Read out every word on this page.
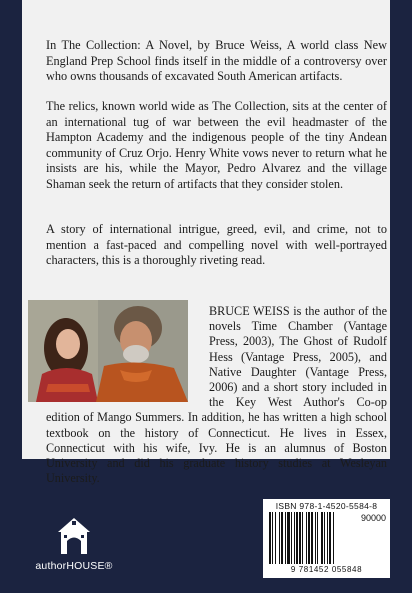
In The Collection: A Novel, by Bruce Weiss, A world class New England Prep School finds itself in the middle of a controversy over who owns thousands of excavated South American artifacts.

The relics, known world wide as The Collection, sits at the center of an international tug of war between the evil headmaster of the Hampton Academy and the indigenous people of the tiny Andean community of Cruz Orjo. Henry White vows never to return what he insists are his, while the Mayor, Pedro Alvarez and the village Shaman seek the return of artifacts that they consider stolen.

A story of international intrigue, greed, evil, and crime, not to mention a fast-paced and compelling novel with well-portrayed characters, this is a thoroughly riveting read.

BRUCE WEISS is the author of the novels Time Chamber (Vantage Press, 2003), The Ghost of Rudolf Hess (Vantage Press, 2005), and Native Daughter (Vantage Press, 2006) and a short story included in the Key West Author's Co-op edition of Mango Summers. In addition, he has written a high school textbook on the history of Connecticut. He lives in Essex, Connecticut with his wife, Ivy. He is an alumnus of Boston University and did his graduate history studies at Wesleyan University.

authorHOUSE®
ISBN 978-1-4520-5584-8
90000
9 781452 055848
